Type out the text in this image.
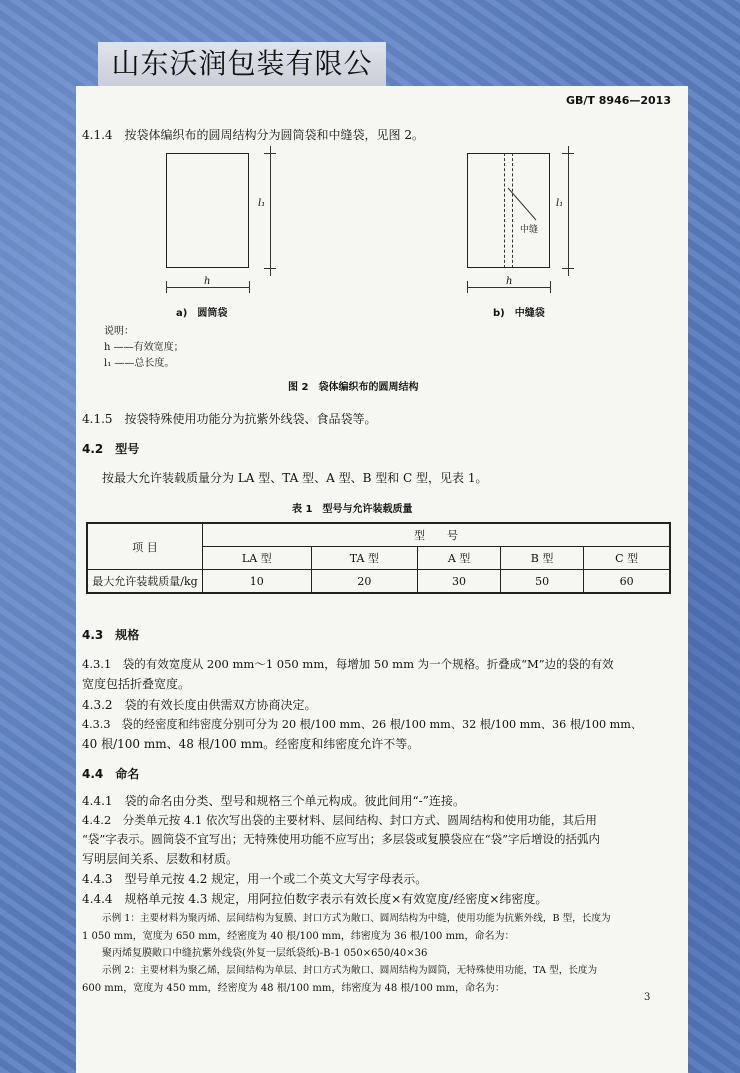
山东沃润包装有限公
GB/T 8946—2013
4.1.4　按袋体编织布的圆周结构分为圆筒袋和中缝袋，见图 2。
l₁
h
a)　圆筒袋
l₁
中缝
h
b)　中缝袋
说明：
h ——有效宽度；
l₁ ——总长度。
图 2　袋体编织布的圆周结构
4.1.5　按袋特殊使用功能分为抗紫外线袋、食品袋等。
4.2　型号
按最大允许装载质量分为 LA 型、TA 型、A 型、B 型和 C 型，见表 1。
表 1　型号与允许装载质量
项 目	型　　号				
	LA 型	TA 型	A 型	B 型	C 型
最大允许装载质量/kg	10	20	30	50	60
4.3　规格
4.3.1　袋的有效宽度从 200 mm～1 050 mm，每增加 50 mm 为一个规格。折叠成“M”边的袋的有效
宽度包括折叠宽度。
4.3.2　袋的有效长度由供需双方协商决定。
4.3.3　袋的经密度和纬密度分别可分为 20 根/100 mm、26 根/100 mm、32 根/100 mm、36 根/100 mm、
40 根/100 mm、48 根/100 mm。经密度和纬密度允许不等。
4.4　命名
4.4.1　袋的命名由分类、型号和规格三个单元构成。彼此间用“-”连接。
4.4.2　分类单元按 4.1 依次写出袋的主要材料、层间结构、封口方式、圆周结构和使用功能，其后用
“袋”字表示。圆筒袋不宜写出；无特殊使用功能不应写出；多层袋或复膜袋应在“袋”字后增设的括弧内
写明层间关系、层数和材质。
4.4.3　型号单元按 4.2 规定，用一个或二个英文大写字母表示。
4.4.4　规格单元按 4.3 规定，用阿拉伯数字表示有效长度×有效宽度/经密度×纬密度。
示例 1：主要材料为聚丙烯、层间结构为复膜、封口方式为敞口、圆周结构为中缝，使用功能为抗紫外线，B 型，长度为
1 050 mm，宽度为 650 mm，经密度为 40 根/100 mm，纬密度为 36 根/100 mm，命名为：
聚丙烯复膜敞口中缝抗紫外线袋(外复一层纸袋纸)-B-1 050×650/40×36
示例 2：主要材料为聚乙烯，层间结构为单层、封口方式为敞口、圆周结构为圆筒，无特殊使用功能，TA 型，长度为
600 mm，宽度为 450 mm，经密度为 48 根/100 mm，纬密度为 48 根/100 mm，命名为：
3
